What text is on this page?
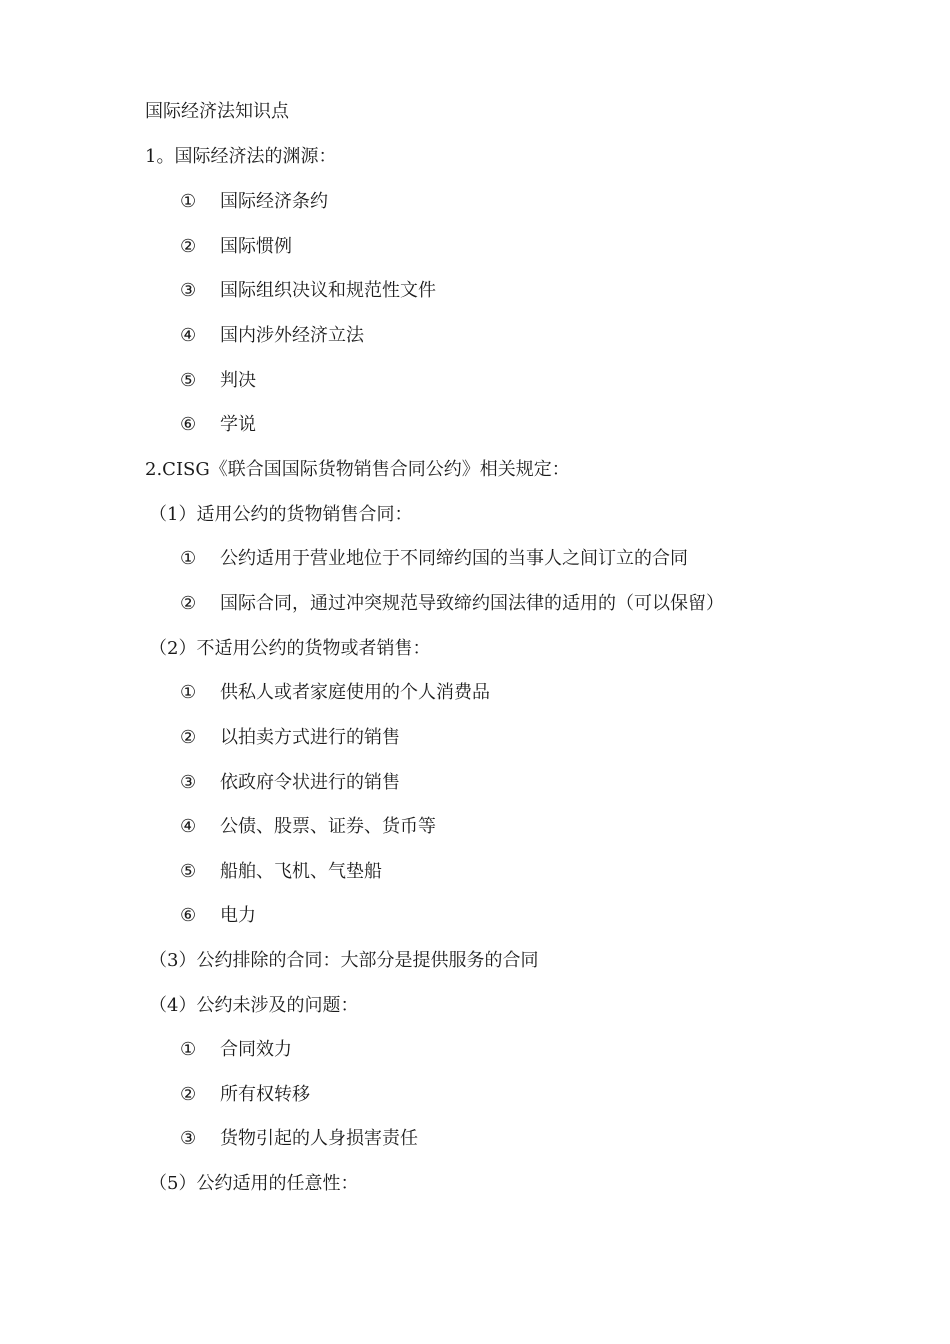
国际经济法知识点
1。国际经济法的渊源：
① 国际经济条约
② 国际惯例
③ 国际组织决议和规范性文件
④ 国内涉外经济立法
⑤ 判决
⑥ 学说
2.CISG《联合国国际货物销售合同公约》相关规定：
（1）适用公约的货物销售合同：
① 公约适用于营业地位于不同缔约国的当事人之间订立的合同
② 国际合同，通过冲突规范导致缔约国法律的适用的（可以保留）
（2）不适用公约的货物或者销售：
① 供私人或者家庭使用的个人消费品
② 以拍卖方式进行的销售
③ 依政府令状进行的销售
④ 公债、股票、证券、货币等
⑤ 船舶、飞机、气垫船
⑥ 电力
（3）公约排除的合同：大部分是提供服务的合同
（4）公约未涉及的问题：
① 合同效力
② 所有权转移
③ 货物引起的人身损害责任
（5）公约适用的任意性：
